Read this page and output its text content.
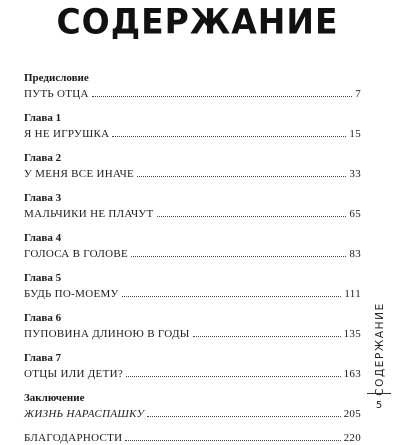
СОДЕРЖАНИЕ
Предисловие
ПУТЬ ОТЦА	7
Глава 1
Я НЕ ИГРУШКА	15
Глава 2
У МЕНЯ ВСЕ ИНАЧЕ	33
Глава 3
МАЛЬЧИКИ НЕ ПЛАЧУТ	65
Глава 4
ГОЛОСА В ГОЛОВЕ	83
Глава 5
БУДЬ ПО-МОЕМУ	111
Глава 6
ПУПОВИНА ДЛИНОЮ В ГОДЫ	135
Глава 7
ОТЦЫ ИЛИ ДЕТИ?	163
Заключение
ЖИЗНЬ НАРАСПАШКУ	205
БЛАГОДАРНОСТИ	220
СОДЕРЖАНИЕ
5
